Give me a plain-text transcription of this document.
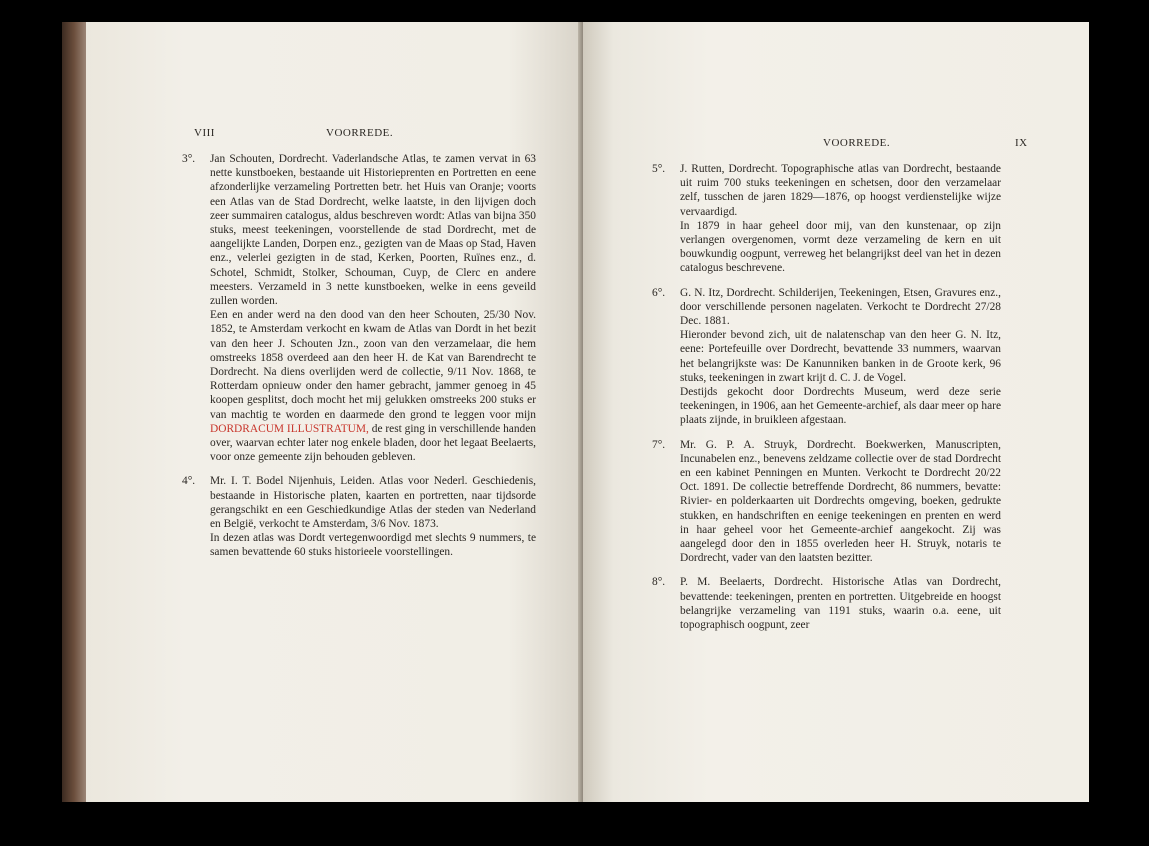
VIII	VOORREDE.

3°. Jan Schouten, Dordrecht. Vaderlandsche Atlas, te zamen vervat in 63 nette kunstboeken, bestaande uit Historieprenten en Portretten en eene afzonderlijke verzameling Portretten betr. het Huis van Oranje; voorts een Atlas van de Stad Dordrecht, welke laatste, in den lijvigen doch zeer summairen catalogus, aldus beschreven wordt: Atlas van bijna 350 stuks, meest teekeningen, voorstellende de stad Dordrecht, met de aangelijkte Landen, Dorpen enz., gezigten van de Maas op Stad, Haven enz., velerlei gezigten in de stad, Kerken, Poorten, Ruïnes enz., d. Schotel, Schmidt, Stolker, Schouman, Cuyp, de Clerc en andere meesters. Verzameld in 3 nette kunstboeken, welke in eens geveild zullen worden.

Een en ander werd na den dood van den heer Schouten, 25/30 Nov. 1852, te Amsterdam verkocht en kwam de Atlas van Dordt in het bezit van den heer J. Schouten Jzn., zoon van den verzamelaar, die hem omstreeks 1858 overdeed aan den heer H. de Kat van Barendrecht te Dordrecht. Na diens overlijden werd de collectie, 9/11 Nov. 1868, te Rotterdam opnieuw onder den hamer gebracht, jammer genoeg in 45 koopen gesplitst, doch mocht het mij gelukken omstreeks 200 stuks er van machtig te worden en daarmede den grond te leggen voor mijn DORDRACUM ILLUSTRATUM, de rest ging in verschillende handen over, waarvan echter later nog enkele bladen, door het legaat Beelaerts, voor onze gemeente zijn behouden gebleven.

4°. Mr. I. T. Bodel Nijenhuis, Leiden. Atlas voor Nederl. Geschiedenis, bestaande in Historische platen, kaarten en portretten, naar tijdsorde gerangschikt en een Geschiedkundige Atlas der steden van Nederland en België, verkocht te Amsterdam, 3/6 Nov. 1873.

In dezen atlas was Dordt vertegenwoordigd met slechts 9 nummers, te samen bevattende 60 stuks historieele voorstellingen.

VOORREDE.	IX

5°. J. Rutten, Dordrecht. Topographische atlas van Dordrecht, bestaande uit ruim 700 stuks teekeningen en schetsen, door den verzamelaar zelf, tusschen de jaren 1829—1876, op hoogst verdienstelijke wijze vervaardigd.

In 1879 in haar geheel door mij, van den kunstenaar, op zijn verlangen overgenomen, vormt deze verzameling de kern en uit bouwkundig oogpunt, verreweg het belangrijkst deel van het in dezen catalogus beschrevene.

6°. G. N. Itz, Dordrecht. Schilderijen, Teekeningen, Etsen, Gravures enz., door verschillende personen nagelaten. Verkocht te Dordrecht 27/28 Dec. 1881.

Hieronder bevond zich, uit de nalatenschap van den heer G. N. Itz, eene: Portefeuille over Dordrecht, bevattende 33 nummers, waarvan het belangrijkste was: De Kanunniken banken in de Groote kerk, 96 stuks, teekeningen in zwart krijt d. C. J. de Vogel.

Destijds gekocht door Dordrechts Museum, werd deze serie teekeningen, in 1906, aan het Gemeente-archief, als daar meer op hare plaats zijnde, in bruikleen afgestaan.

7°. Mr. G. P. A. Struyk, Dordrecht. Boekwerken, Manuscripten, Incunabelen enz., benevens zeldzame collectie over de stad Dordrecht en een kabinet Penningen en Munten. Verkocht te Dordrecht 20/22 Oct. 1891. De collectie betreffende Dordrecht, 86 nummers, bevatte: Rivier- en polderkaarten uit Dordrechts omgeving, boeken, gedrukte stukken, en handschriften en eenige teekeningen en prenten en werd in haar geheel voor het Gemeente-archief aangekocht. Zij was aangelegd door den in 1855 overleden heer H. Struyk, notaris te Dordrecht, vader van den laatsten bezitter.

8°. P. M. Beelaerts, Dordrecht. Historische Atlas van Dordrecht, bevattende: teekeningen, prenten en portretten. Uitgebreide en hoogst belangrijke verzameling van 1191 stuks, waarin o.a. eene, uit topographisch oogpunt, zeer
